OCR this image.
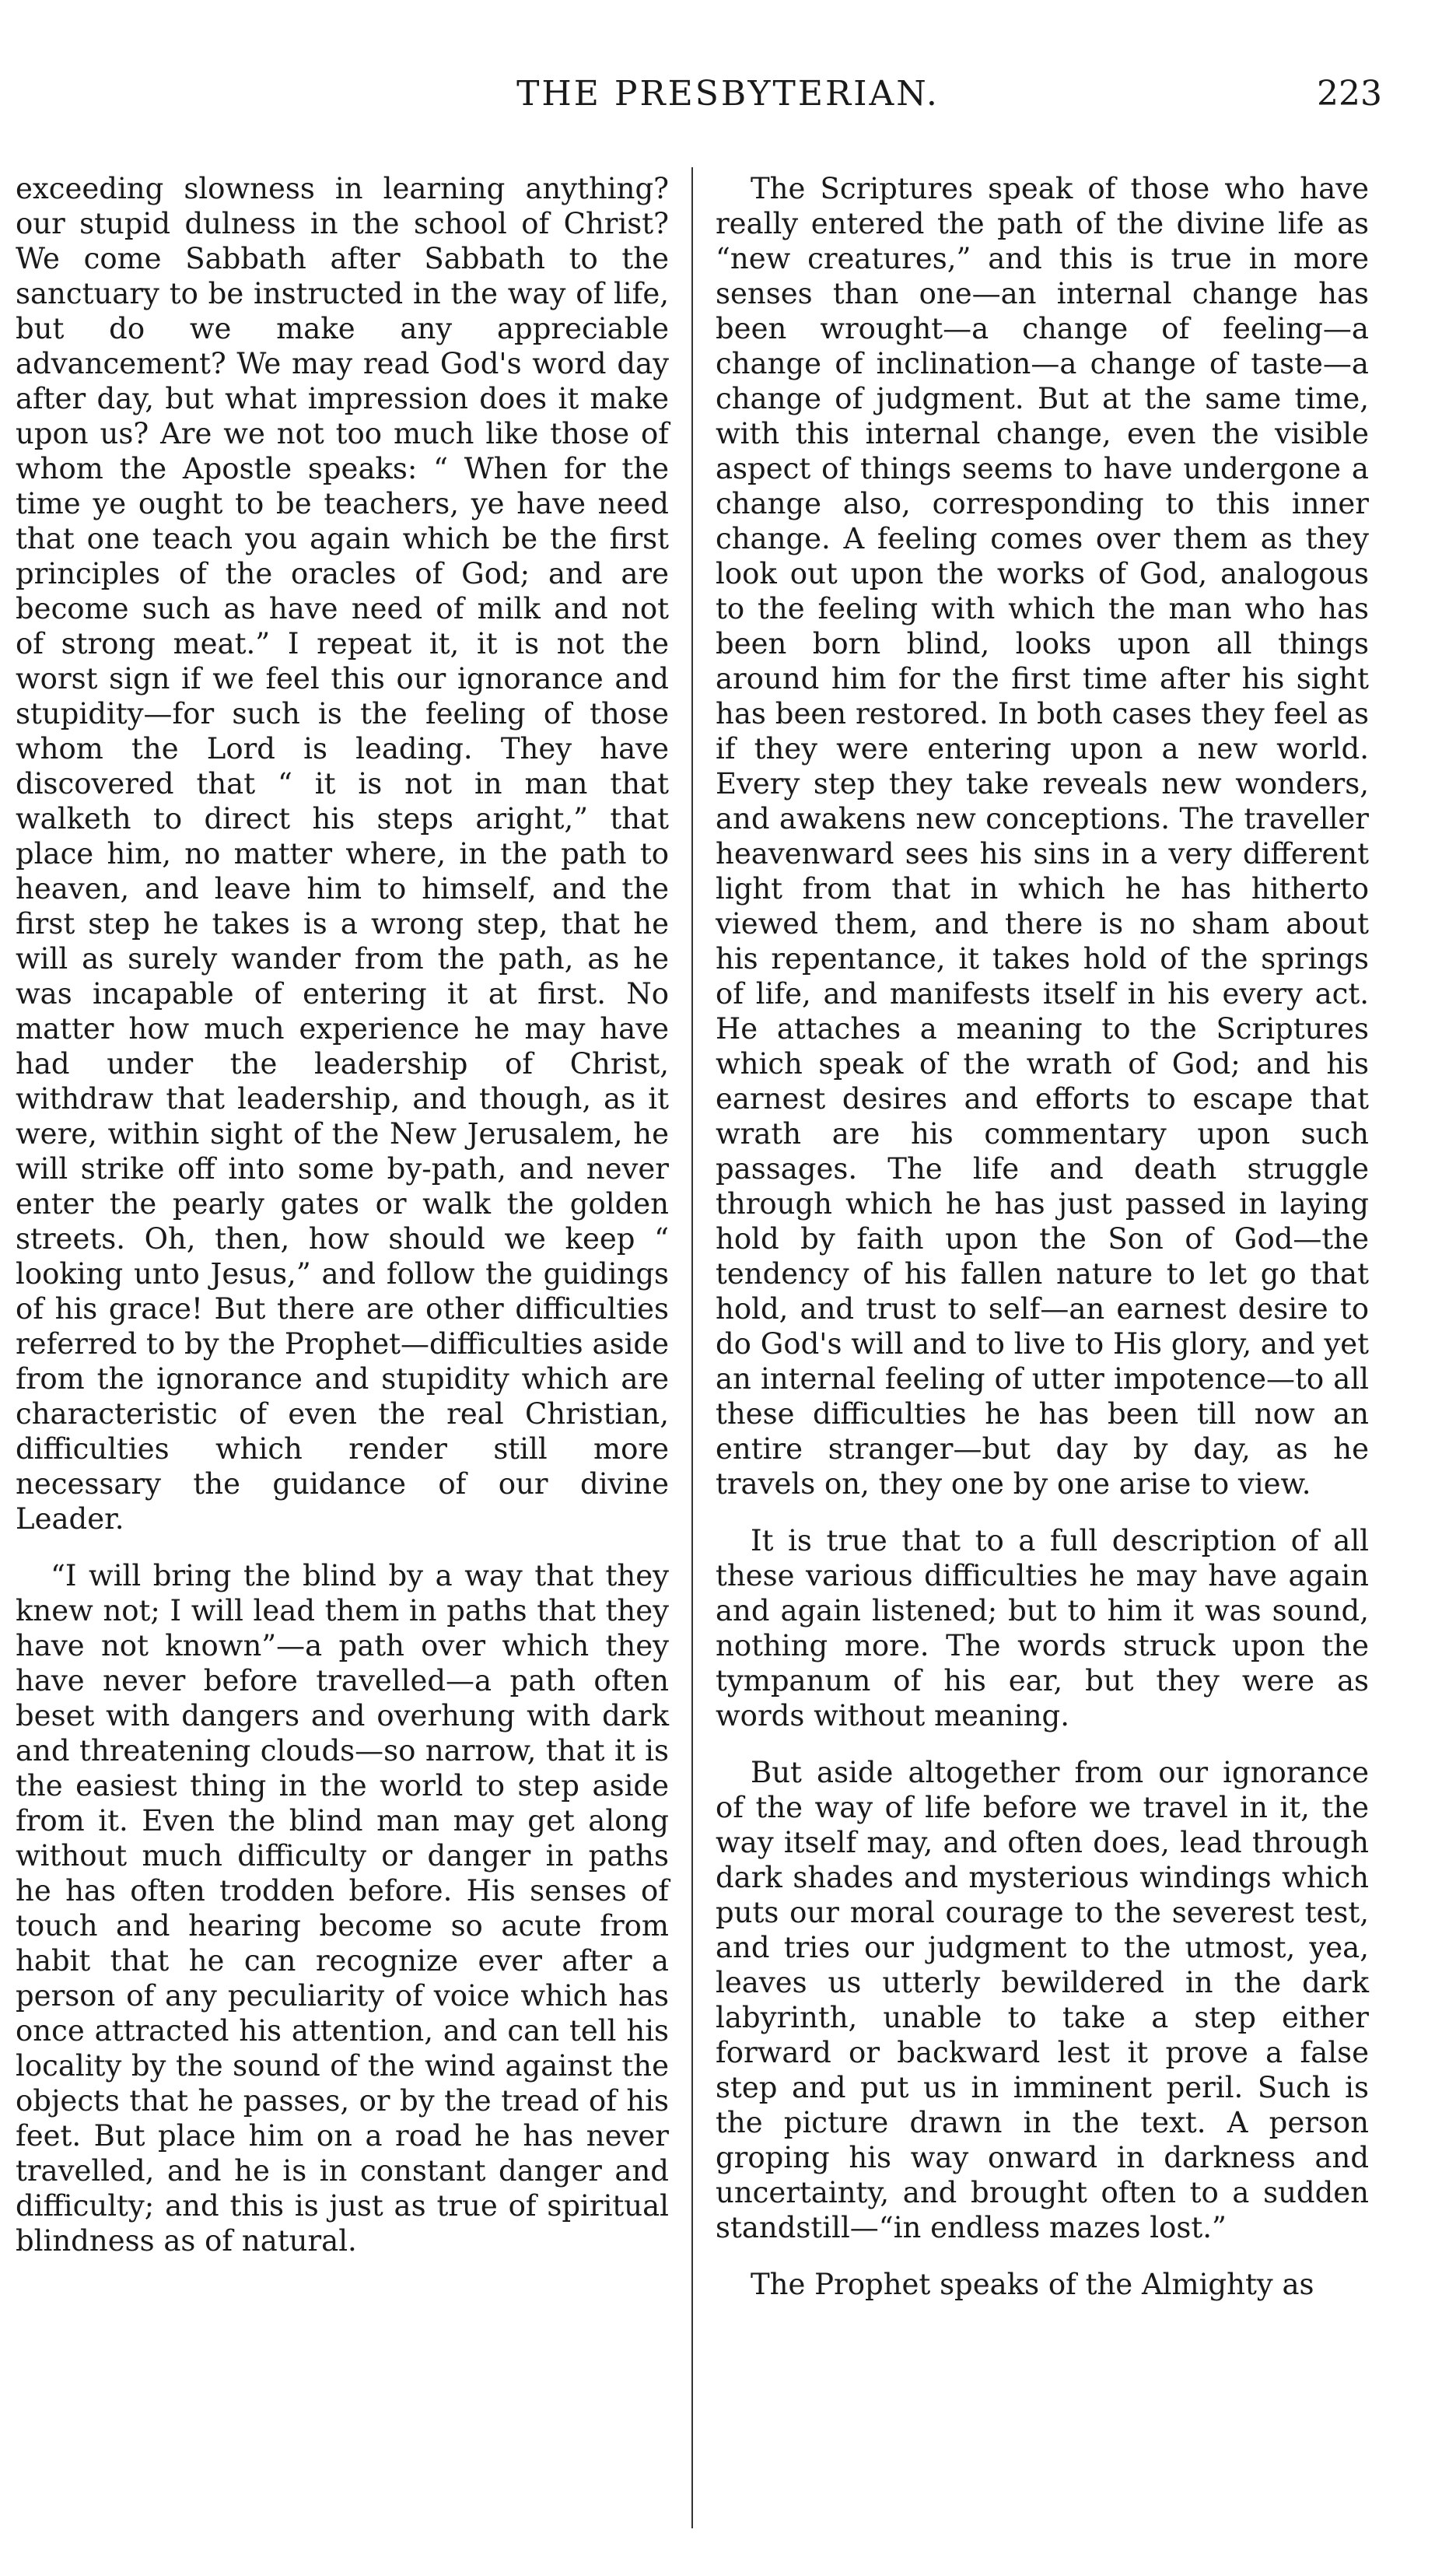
THE PRESBYTERIAN.	223

exceeding slowness in learning anything? our stupid dulness in the school of Christ? We come Sabbath after Sabbath to the sanctuary to be instructed in the way of life, but do we make any appreciable advancement? We may read God's word day after day, but what impression does it make upon us? Are we not too much like those of whom the Apostle speaks: “ When for the time ye ought to be teachers, ye have need that one teach you again which be the first principles of the oracles of God; and are become such as have need of milk and not of strong meat.” I repeat it, it is not the worst sign if we feel this our ignorance and stupidity—for such is the feeling of those whom the Lord is leading. They have discovered that “ it is not in man that walketh to direct his steps aright,” that place him, no matter where, in the path to heaven, and leave him to himself, and the first step he takes is a wrong step, that he will as surely wander from the path, as he was incapable of entering it at first. No matter how much experience he may have had under the leadership of Christ, withdraw that leadership, and though, as it were, within sight of the New Jerusalem, he will strike off into some by-path, and never enter the pearly gates or walk the golden streets. Oh, then, how should we keep “ looking unto Jesus,” and follow the guidings of his grace! But there are other difficulties referred to by the Prophet—difficulties aside from the ignorance and stupidity which are characteristic of even the real Christian, difficulties which render still more necessary the guidance of our divine Leader.

“I will bring the blind by a way that they knew not; I will lead them in paths that they have not known”—a path over which they have never before travelled—a path often beset with dangers and overhung with dark and threatening clouds—so narrow, that it is the easiest thing in the world to step aside from it. Even the blind man may get along without much difficulty or danger in paths he has often trodden before. His senses of touch and hearing become so acute from habit that he can recognize ever after a person of any peculiarity of voice which has once attracted his attention, and can tell his locality by the sound of the wind against the objects that he passes, or by the tread of his feet. But place him on a road he has never travelled, and he is in constant danger and difficulty; and this is just as true of spiritual blindness as of natural.

The Scriptures speak of those who have really entered the path of the divine life as “new creatures,” and this is true in more senses than one—an internal change has been wrought—a change of feeling—a change of inclination—a change of taste—a change of judgment. But at the same time, with this internal change, even the visible aspect of things seems to have undergone a change also, corresponding to this inner change. A feeling comes over them as they look out upon the works of God, analogous to the feeling with which the man who has been born blind, looks upon all things around him for the first time after his sight has been restored. In both cases they feel as if they were entering upon a new world. Every step they take reveals new wonders, and awakens new conceptions. The traveller heavenward sees his sins in a very different light from that in which he has hitherto viewed them, and there is no sham about his repentance, it takes hold of the springs of life, and manifests itself in his every act. He attaches a meaning to the Scriptures which speak of the wrath of God; and his earnest desires and efforts to escape that wrath are his commentary upon such passages. The life and death struggle through which he has just passed in laying hold by faith upon the Son of God—the tendency of his fallen nature to let go that hold, and trust to self—an earnest desire to do God's will and to live to His glory, and yet an internal feeling of utter impotence—to all these difficulties he has been till now an entire stranger—but day by day, as he travels on, they one by one arise to view.

It is true that to a full description of all these various difficulties he may have again and again listened; but to him it was sound, nothing more. The words struck upon the tympanum of his ear, but they were as words without meaning.

But aside altogether from our ignorance of the way of life before we travel in it, the way itself may, and often does, lead through dark shades and mysterious windings which puts our moral courage to the severest test, and tries our judgment to the utmost, yea, leaves us utterly bewildered in the dark labyrinth, unable to take a step either forward or backward lest it prove a false step and put us in imminent peril. Such is the picture drawn in the text. A person groping his way onward in darkness and uncertainty, and brought often to a sudden standstill—“in endless mazes lost.”

The Prophet speaks of the Almighty as
